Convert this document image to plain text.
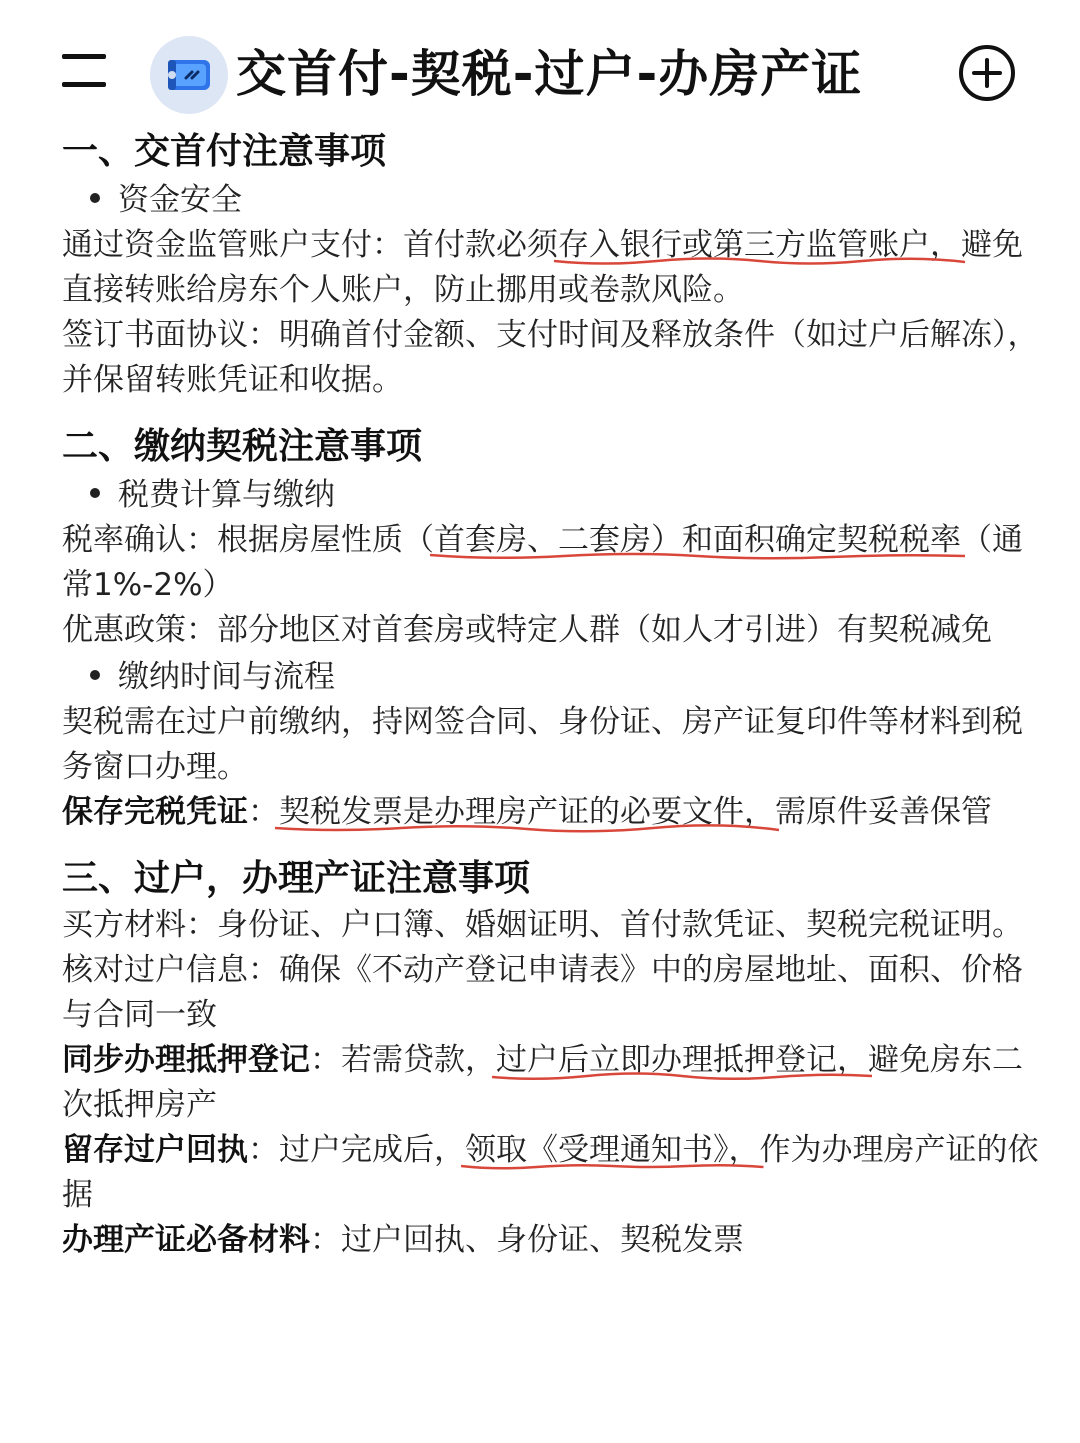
交首付-契税-过户-办房产证
一、交首付注意事项
资金安全
通过资金监管账户支付：首付款必须存入银行或第三方监管账户，
避免直接转账给房东个人账户，防止挪用或卷款风险。
签订书面协议：明确首付金额、支付时间及释放条件（如过户后解冻），并保留转账凭证和收据。
二、缴纳契税注意事项
税费计算与缴纳
税率确认：根据房屋性质（首套房、二套房）和面积确定契税税率
（通常1%-2%）
优惠政策：部分地区对首套房或特定人群（如人才引进）有契税减免
缴纳时间与流程
契税需在过户前缴纳，持网签合同、身份证、房产证复印件等材料到税务窗口办理。
保存完税凭证：契税发票是办理房产证的必要文件，
需原件妥善保管
三、过户，办理产证注意事项
买方材料：身份证、户口簿、婚姻证明、首付款凭证、契税完税证明。
核对过户信息：确保《不动产登记申请表》中的房屋地址、面积、价格与合同一致
同步办理抵押登记：若需贷款，过户后立即办理抵押登记，
避免房东二次抵押房产
留存过户回执：过户完成后，领取《受理通知书》，
作为办理房产证的依据
办理产证必备材料：过户回执、身份证、契税发票
